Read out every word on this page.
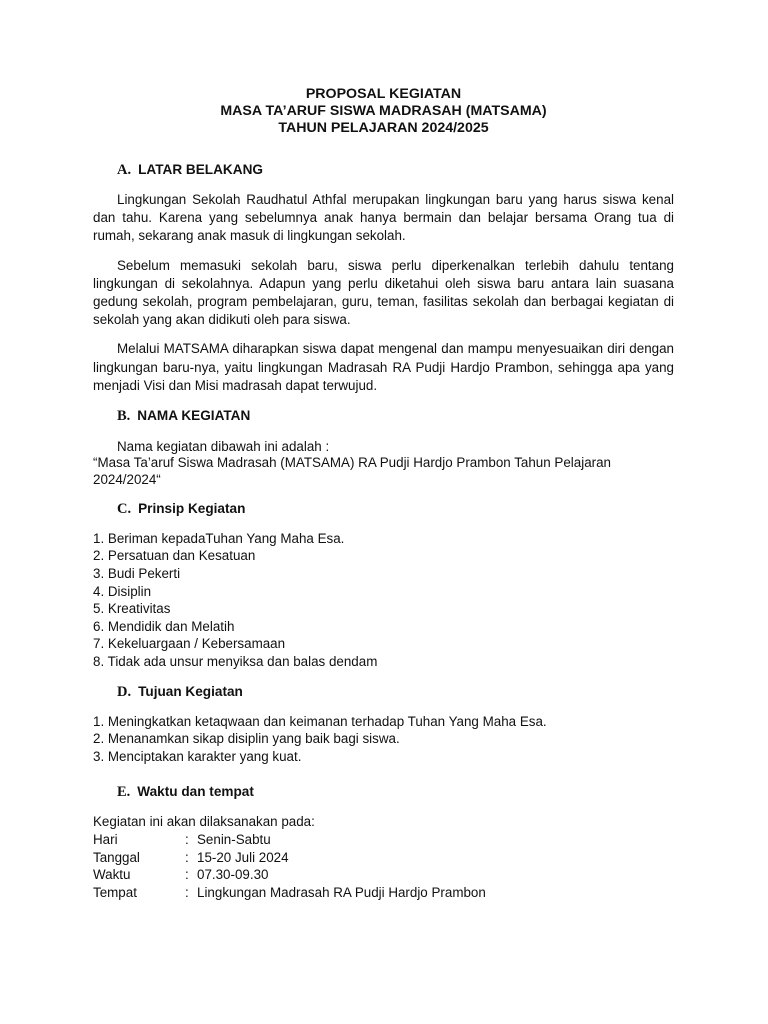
PROPOSAL KEGIATAN
MASA TA’ARUF SISWA MADRASAH (MATSAMA)
TAHUN PELAJARAN 2024/2025
A. LATAR BELAKANG

Lingkungan Sekolah Raudhatul Athfal merupakan lingkungan baru yang harus siswa kenal dan tahu. Karena yang sebelumnya anak hanya bermain dan belajar bersama Orang tua di rumah, sekarang anak masuk di lingkungan sekolah.

Sebelum memasuki sekolah baru, siswa perlu diperkenalkan terlebih dahulu tentang lingkungan di sekolahnya. Adapun yang perlu diketahui oleh siswa baru antara lain suasana gedung sekolah, program pembelajaran, guru, teman, fasilitas sekolah dan berbagai kegiatan di sekolah yang akan didikuti oleh para siswa.

Melalui MATSAMA diharapkan siswa dapat mengenal dan mampu menyesuaikan diri dengan lingkungan baru-nya, yaitu lingkungan Madrasah RA Pudji Hardjo Prambon, sehingga apa yang menjadi Visi dan Misi madrasah dapat terwujud.

B. NAMA KEGIATAN
Nama kegiatan dibawah ini adalah :
“Masa Ta’aruf Siswa Madrasah (MATSAMA) RA Pudji Hardjo Prambon Tahun Pelajaran
2024/2024“
C. Prinsip Kegiatan
1. Beriman kepadaTuhan Yang Maha Esa.
2. Persatuan dan Kesatuan
3. Budi Pekerti
4. Disiplin
5. Kreativitas
6. Mendidik dan Melatih
7. Kekeluargaan / Kebersamaan
8. Tidak ada unsur menyiksa dan balas dendam
D. Tujuan Kegiatan
1. Meningkatkan ketaqwaan dan keimanan terhadap Tuhan Yang Maha Esa.
2. Menanamkan sikap disiplin yang baik bagi siswa.
3. Menciptakan karakter yang kuat.
E. Waktu dan tempat
Kegiatan ini akan dilaksanakan pada:
Hari	: Senin-Sabtu
Tanggal	: 15-20 Juli 2024
Waktu	: 07.30-09.30
Tempat	: Lingkungan Madrasah RA Pudji Hardjo Prambon
